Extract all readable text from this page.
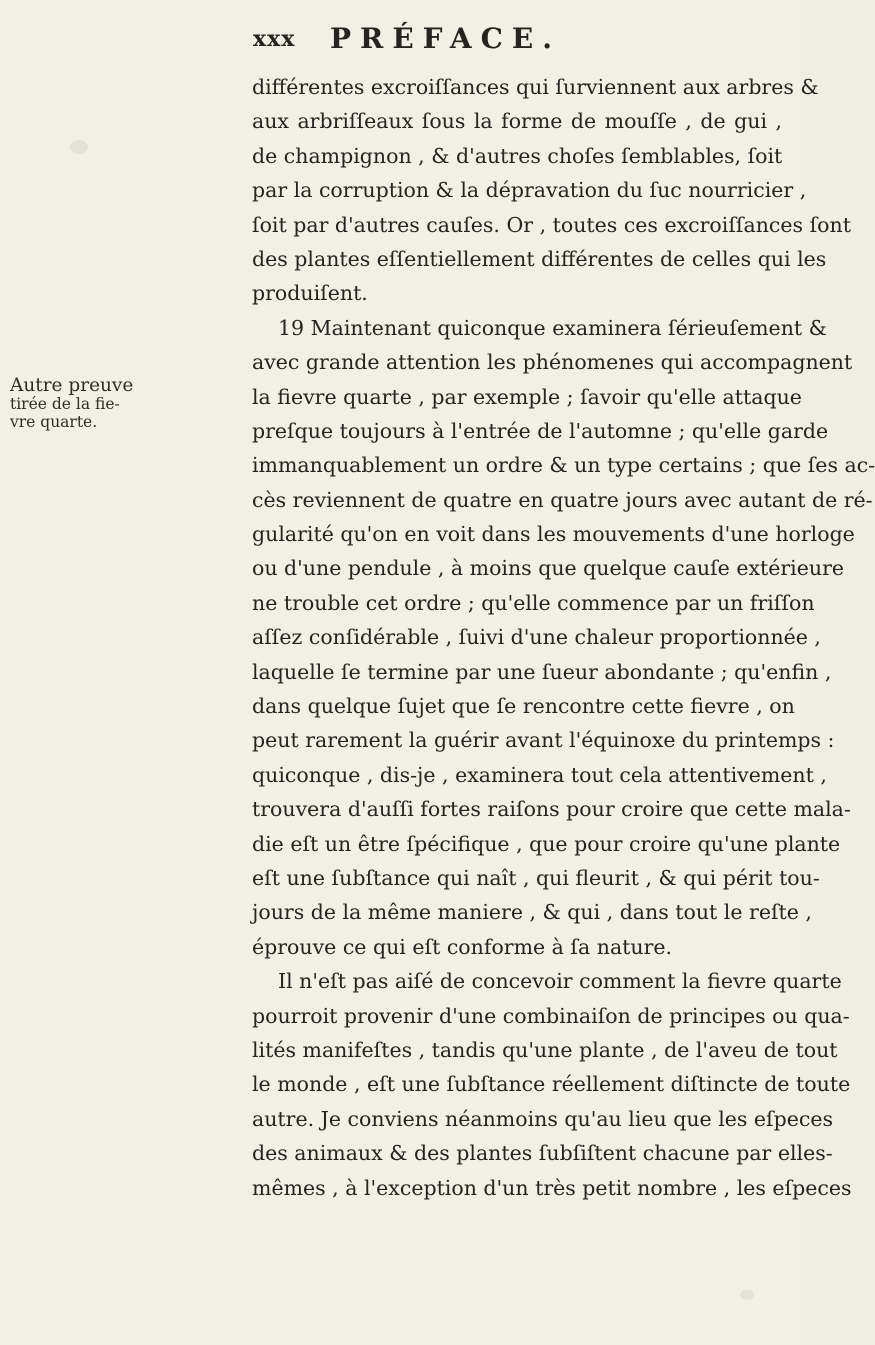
xxx PRÉFACE.
Autre preuve
tirée de la fie-
vre quarte.
différentes excroiſſances qui ſurviennent aux arbres &
aux arbriſſeaux ſous la forme de mouſſe , de gui ,
de champignon , & d'autres choſes ſemblables, ſoit
par la corruption & la dépravation du ſuc nourricier ,
ſoit par d'autres cauſes. Or , toutes ces excroiſſances ſont
des plantes eſſentiellement différentes de celles qui les
produiſent.
19 Maintenant quiconque examinera ſérieuſement &
avec grande attention les phénomenes qui accompagnent
la fievre quarte , par exemple ; ſavoir qu'elle attaque
preſque toujours à l'entrée de l'automne ; qu'elle garde
immanquablement un ordre & un type certains ; que ſes ac-
cès reviennent de quatre en quatre jours avec autant de ré-
gularité qu'on en voit dans les mouvements d'une horloge
ou d'une pendule , à moins que quelque cauſe extérieure
ne trouble cet ordre ; qu'elle commence par un friſſon
aſſez conſidérable , ſuivi d'une chaleur proportionnée ,
laquelle ſe termine par une ſueur abondante ; qu'enfin ,
dans quelque ſujet que ſe rencontre cette fievre , on
peut rarement la guérir avant l'équinoxe du printemps :
quiconque , dis-je , examinera tout cela attentivement ,
trouvera d'auſſi fortes raiſons pour croire que cette mala-
die eſt un être ſpécifique , que pour croire qu'une plante
eſt une ſubſtance qui naît , qui fleurit , & qui périt tou-
jours de la même maniere , & qui , dans tout le reſte ,
éprouve ce qui eſt conforme à ſa nature.
Il n'eſt pas aiſé de concevoir comment la fievre quarte
pourroit provenir d'une combinaiſon de principes ou qua-
lités manifeſtes , tandis qu'une plante , de l'aveu de tout
le monde , eſt une ſubſtance réellement diſtincte de toute
autre. Je conviens néanmoins qu'au lieu que les eſpeces
des animaux & des plantes ſubſiſtent chacune par elles-
mêmes , à l'exception d'un très petit nombre , les eſpeces
